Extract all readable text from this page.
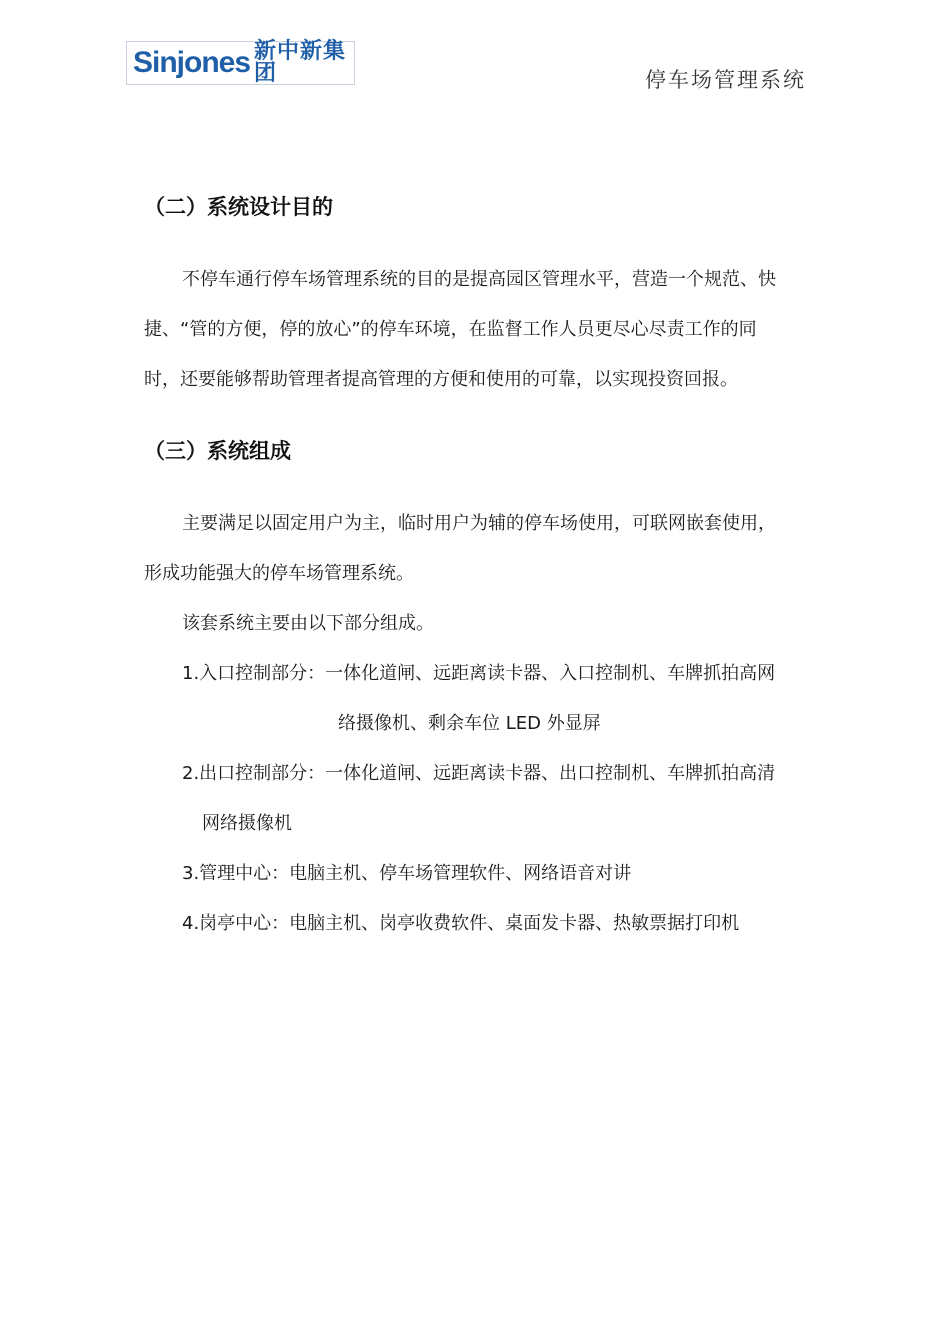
Sinjones 新中新集团	停车场管理系统
（二）系统设计目的
不停车通行停车场管理系统的目的是提高园区管理水平，营造一个规范、快
捷、“管的方便，停的放心”的停车环境，在监督工作人员更尽心尽责工作的同
时，还要能够帮助管理者提高管理的方便和使用的可靠，以实现投资回报。
（三）系统组成
主要满足以固定用户为主，临时用户为辅的停车场使用，可联网嵌套使用，
形成功能强大的停车场管理系统。
该套系统主要由以下部分组成。
1.入口控制部分：一体化道闸、远距离读卡器、入口控制机、车牌抓拍高网
络摄像机、剩余车位 LED 外显屏
2.出口控制部分：一体化道闸、远距离读卡器、出口控制机、车牌抓拍高清
网络摄像机
3.管理中心：电脑主机、停车场管理软件、网络语音对讲
4.岗亭中心：电脑主机、岗亭收费软件、桌面发卡器、热敏票据打印机
